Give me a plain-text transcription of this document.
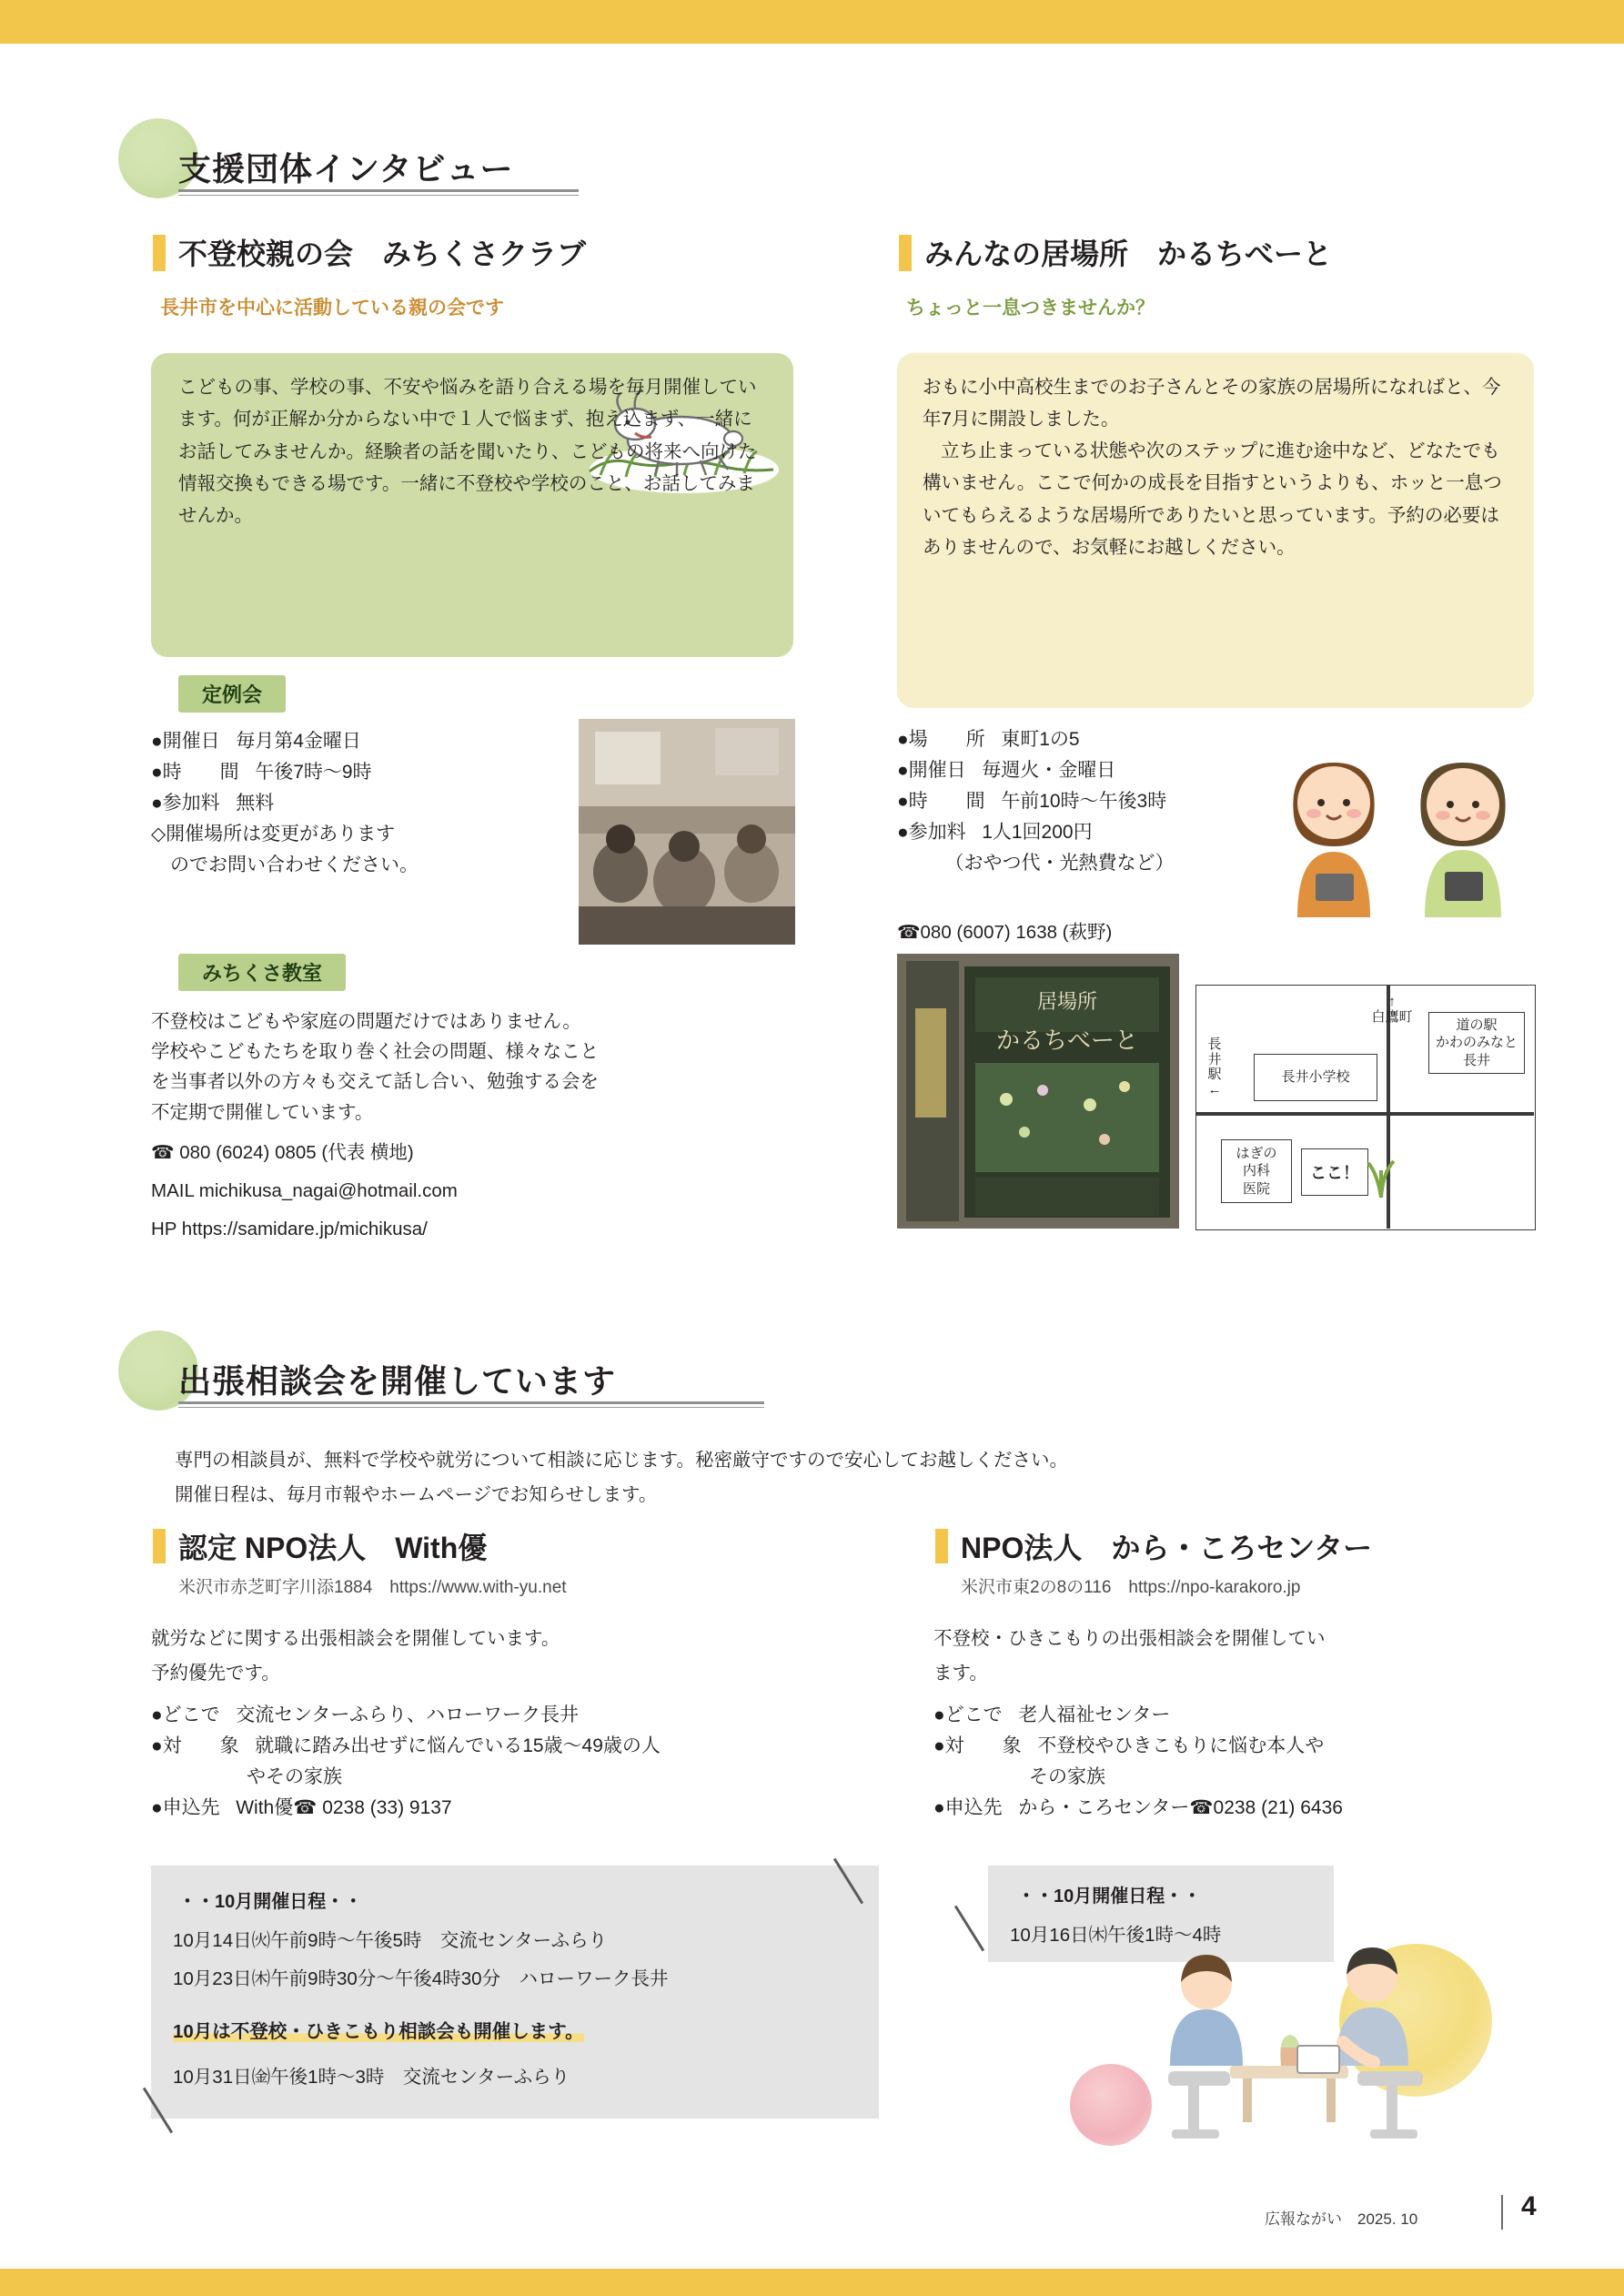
支援団体インタビュー
不登校親の会　みちくさクラブ
長井市を中心に活動している親の会です
こどもの事、学校の事、不安や悩みを語り合える場を毎月開催しています。何が正解か分からない中で１人で悩まず、抱え込まず、一緒にお話してみませんか。経験者の話を聞いたり、こどもの将来へ向けた情報交換もできる場です。一緒に不登校や学校のこと、お話してみませんか。
定例会
●開催日 毎月第4金曜日
●時　　間 午後7時〜9時
●参加料 無料
◇開催場所は変更があります
　のでお問い合わせください。
みちくさ教室
不登校はこどもや家庭の問題だけではありません。
学校やこどもたちを取り巻く社会の問題、様々なこと
を当事者以外の方々も交えて話し合い、勉強する会を
不定期で開催しています。
☎ 080 (6024) 0805 (代表 横地)
MAIL michikusa_nagai@hotmail.com
HP https://samidare.jp/michikusa/
みんなの居場所　かるちべーと
ちょっと一息つきませんか？
おもに小中高校生までのお子さんとその家族の居場所になればと、今年7月に開設しました。
立ち止まっている状態や次のステップに進む途中など、どなたでも構いません。ここで何かの成長を目指すというよりも、ホッと一息ついてもらえるような居場所でありたいと思っています。予約の必要はありませんので、お気軽にお越しください。
●場　　所 東町1の5
●開催日 毎週火・金曜日
●時　　間 午前10時〜午後3時
●参加料 1人1回200円
　　　（おやつ代・光熱費など）
☎080 (6007) 1638 (萩野)
居場所
かるちべーと
↑
白鷹町
長
井
駅
←
長井小学校
道の駅
かわのみなと
長井
はぎの
内科
医院
ここ！
出張相談会を開催しています
専門の相談員が、無料で学校や就労について相談に応じます。秘密厳守ですので安心してお越しください。
開催日程は、毎月市報やホームページでお知らせします。
認定 NPO法人　With優
米沢市赤芝町字川添1884　https://www.with-yu.net
就労などに関する出張相談会を開催しています。
予約優先です。
●どこで 交流センターふらり、ハローワーク長井
●対　　象 就職に踏み出せずに悩んでいる15歳〜49歳の人
　　　　　やその家族
●申込先 With優☎ 0238 (33) 9137
・・10月開催日程・・
10月14日㈫午前9時〜午後5時　交流センターふらり
10月23日㈭午前9時30分〜午後4時30分　ハローワーク長井
10月は不登校・ひきこもり相談会も開催します。
10月31日㈮午後1時〜3時　交流センターふらり
NPO法人　から・ころセンター
米沢市東2の8の116　https://npo-karakoro.jp
不登校・ひきこもりの出張相談会を開催してい
ます。
●どこで 老人福祉センター
●対　　象 不登校やひきこもりに悩む本人や
　　　　　その家族
●申込先 から・ころセンター☎0238 (21) 6436
・・10月開催日程・・
10月16日㈭午後1時〜4時
広報ながい　2025. 10	4
